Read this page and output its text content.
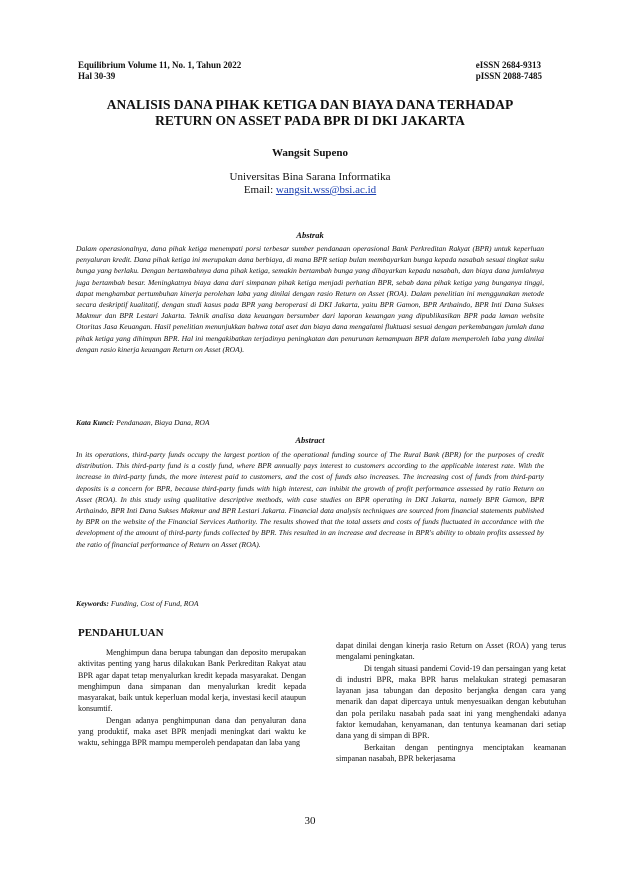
Equilibrium Volume 11, No. 1, Tahun 2022
Hal 30-39
eISSN 2684-9313
pISSN 2088-7485
ANALISIS DANA PIHAK KETIGA DAN BIAYA DANA TERHADAP
RETURN ON ASSET PADA BPR DI DKI JAKARTA
Wangsit Supeno
Universitas Bina Sarana Informatika
Email: wangsit.wss@bsi.ac.id
Abstrak

Dalam operasionalnya, dana pihak ketiga menempati porsi terbesar sumber pendanaan operasional Bank Perkreditan Rakyat (BPR) untuk keperluan penyaluran kredit. Dana pihak ketiga ini merupakan dana berbiaya, di mana BPR setiap bulan membayarkan bunga kepada nasabah sesuai tingkat suku bunga yang berlaku. Dengan bertambahnya dana pihak ketiga, semakin bertambah bunga yang dibayarkan kepada nasabah, dan biaya dana jumlahnya juga bertambah besar. Meningkatnya biaya dana dari simpanan pihak ketiga menjadi perhatian BPR, sebab dana pihak ketiga yang bunganya tinggi, dapat menghambat pertumbuhan kinerja perolehan laba yang dinilai dengan rasio Return on Asset (ROA). Dalam penelitian ini menggunakan metode secara deskriptif kualitatif, dengan studi kasus pada BPR yang beroperasi di DKI Jakarta, yaitu BPR Gamon, BPR Arthaindo, BPR Inti Dana Sukses Makmur dan BPR Lestari Jakarta. Teknik analisa data keuangan bersumber dari laporan keuangan yang dipublikasikan BPR pada laman website Otoritas Jasa Keuangan. Hasil penelitian menunjukkan bahwa total aset dan biaya dana mengalami fluktuasi sesuai dengan perkembangan jumlah dana pihak ketiga yang dihimpun BPR. Hal ini mengakibatkan terjadinya peningkatan dan penurunan kemampuan BPR dalam memperoleh laba yang dinilai dengan rasio kinerja keuangan Return on Asset (ROA).

Kata Kunci: Pendanaan, Biaya Dana, ROA
Abstract

In its operations, third-party funds occupy the largest portion of the operational funding source of The Rural Bank (BPR) for the purposes of credit distribution. This third-party fund is a costly fund, where BPR annually pays interest to customers according to the applicable interest rate. With the increase in third-party funds, the more interest paid to customers, and the cost of funds also increases. The increasing cost of funds from third-party deposits is a concern for BPR, because third-party funds with high interest, can inhibit the growth of profit performance assessed by ratio Return on Asset (ROA). In this study using qualitative descriptive methods, with case studies on BPR operating in DKI Jakarta, namely BPR Gamon, BPR Arthaindo, BPR Inti Dana Sukses Makmur and BPR Lestari Jakarta. Financial data analysis techniques are sourced from financial statements published by BPR on the website of the Financial Services Authority. The results showed that the total assets and costs of funds fluctuated in accordance with the development of the amount of third-party funds collected by BPR. This resulted in an increase and decrease in BPR's ability to obtain profits assessed by the ratio of financial performance of Return on Asset (ROA).

Keywords: Funding, Cost of Fund, ROA
PENDAHULUAN

Menghimpun dana berupa tabungan dan deposito merupakan aktivitas penting yang harus dilakukan Bank Perkreditan Rakyat atau BPR agar dapat tetap menyalurkan kredit kepada masyarakat. Dengan menghimpun dana simpanan dan menyalurkan kredit kepada masyarakat, baik untuk keperluan modal kerja, investasi kecil ataupun konsumtif.

Dengan adanya penghimpunan dana dan penyaluran dana yang produktif, maka aset BPR menjadi meningkat dari waktu ke waktu, sehingga BPR mampu memperoleh pendapatan dan laba yang

dapat dinilai dengan kinerja rasio Return on Asset (ROA) yang terus mengalami peningkatan.

Di tengah situasi pandemi Covid-19 dan persaingan yang ketat di industri BPR, maka BPR harus melakukan strategi pemasaran layanan jasa tabungan dan deposito berjangka dengan cara yang menarik dan dapat dipercaya untuk menyesuaikan dengan kebutuhan dan pola perilaku nasabah pada saat ini yang menghendaki adanya faktor kemudahan, kenyamanan, dan tentunya keamanan dari setiap dana yang di simpan di BPR.

Berkaitan dengan pentingnya menciptakan keamanan simpanan nasabah, BPR bekerjasama

30
